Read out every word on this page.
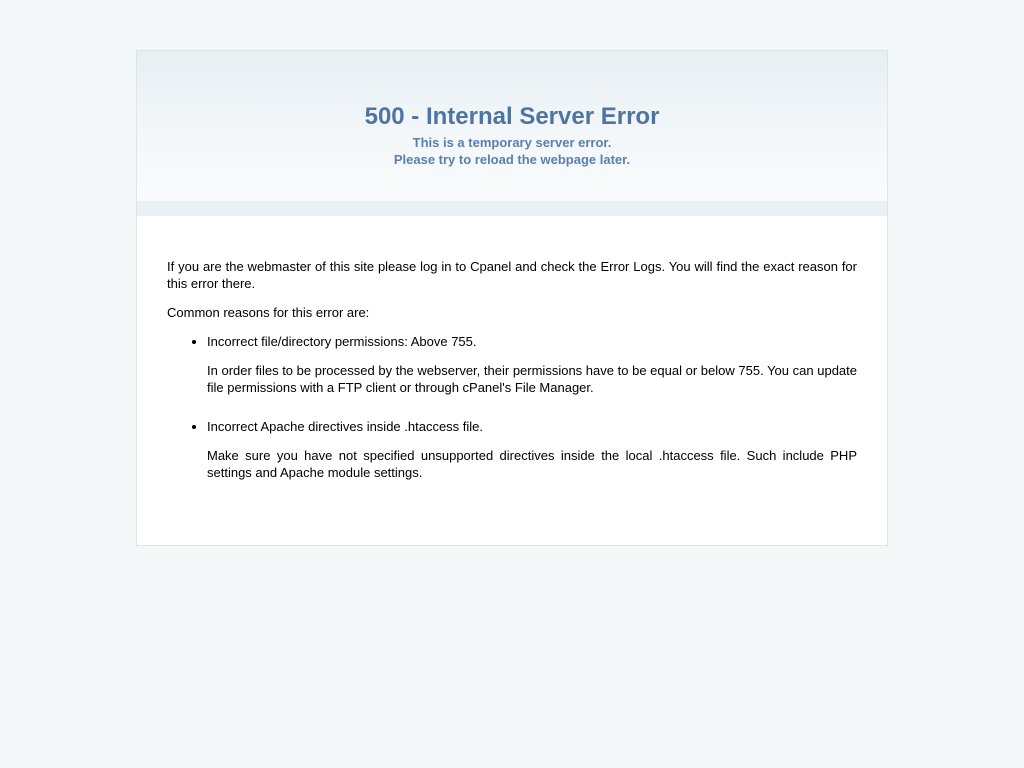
500 - Internal Server Error
This is a temporary server error.
Please try to reload the webpage later.

If you are the webmaster of this site please log in to Cpanel and check the Error Logs. You will find the exact reason for this error there.

Common reasons for this error are:

• Incorrect file/directory permissions: Above 755.
In order files to be processed by the webserver, their permissions have to be equal or below 755. You can update file permissions with a FTP client or through cPanel's File Manager.
• Incorrect Apache directives inside .htaccess file.
Make sure you have not specified unsupported directives inside the local .htaccess file. Such include PHP settings and Apache module settings.
